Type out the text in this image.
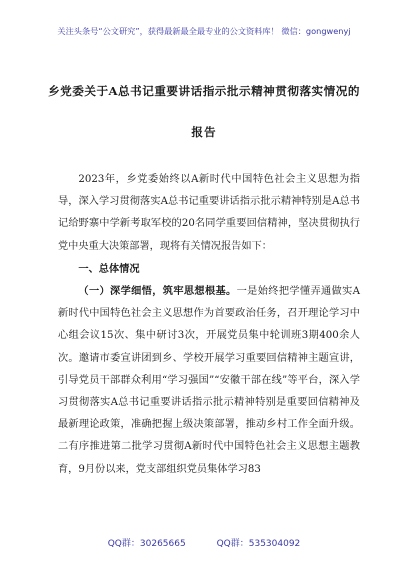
关注头条号“公文研究”，获得最新最全最专业的公文资料库！ 微信：gongwenyj
乡党委关于A总书记重要讲话指示批示精神贯彻落实情况的
报告

2023年，乡党委始终以A新时代中国特色社会主义思想为指导，深入学习贯彻落实A总书记重要讲话指示批示精神特别是A总书记给野寨中学新考取军校的20名同学重要回信精神，坚决贯彻执行党中央重大决策部署，现将有关情况报告如下：

一、总体情况

（一）深学细悟，筑牢思想根基。一是始终把学懂弄通做实A新时代中国特色社会主义思想作为首要政治任务，召开理论学习中心组会议15次、集中研讨3次，开展党员集中轮训班3期400余人次。邀请市委宣讲团到乡、学校开展学习重要回信精神主题宣讲，引导党员干部群众利用“学习强国”“安徽干部在线”等平台，深入学习贯彻落实A总书记重要讲话指示批示精神特别是重要回信精神及最新理论政策，准确把握上级决策部署，推动乡村工作全面升级。二有序推进第二批学习贯彻A新时代中国特色社会主义思想主题教育，9月份以来，党支部组织党员集体学习83

QQ群：30265665	QQ群：535304092
